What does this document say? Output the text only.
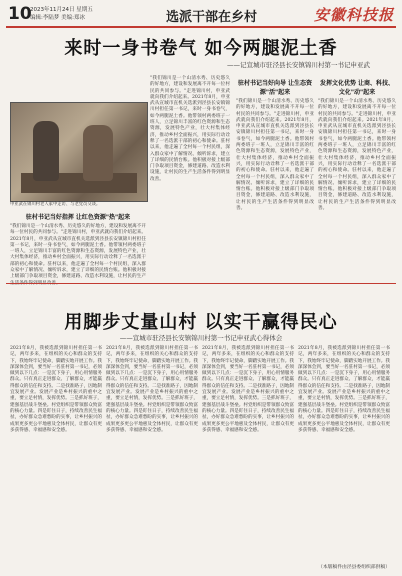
10
2023年11月24日 星期五
编辑:李陆梦 美编:郑冰	选派干部在乡村	安徽科技报
来时一身书卷气 如今两腿泥土香
——记宣城市驻泾县长安镇锦川村第一书记申亚武
"我们锦川是一个山清水秀、历史悠久的好地方，建设和发展离不开每一位村民的共同参与。"走进锦川村，申亚武就向我们介绍起来。2021年8月，申亚武从宣城市直机关选派到泾县长安镇锦川村担任第一书记，来时一身书卷气，如今两腿泥土香。他带领村两委班子一班人，立足锦川丰富的红色资源和生态资源，发展特色产业，壮大村集体经济，推动乡村全面振兴，用实际行动诠释了一名选派干部的初心和使命。驻村以来，他走遍了全村每一个村民组，深入群众家中了解情况、倾听诉求，建立了详细的民情台账。他积极对接上级部门争取项目资金，修建道路、改造水利设施，让村民的生产生活条件得到明显改善。
驻村书记当好向导 让生态资源"活"起来
"我们锦川是一个山清水秀、历史悠久的好地方，建设和发展离不开每一位村民的共同参与。"走进锦川村，申亚武就向我们介绍起来。2021年8月，申亚武从宣城市直机关选派到泾县长安镇锦川村担任第一书记，来时一身书卷气，如今两腿泥土香。他带领村两委班子一班人，立足锦川丰富的红色资源和生态资源，发展特色产业，壮大村集体经济，推动乡村全面振兴，用实际行动诠释了一名选派干部的初心和使命。驻村以来，他走遍了全村每一个村民组，深入群众家中了解情况、倾听诉求，建立了详细的民情台账。他积极对接上级部门争取项目资金，修建道路、改造水利设施，让村民的生产生活条件得到明显改善。
发挥文化优势 让商、科技、文化"动"起来
"我们锦川是一个山清水秀、历史悠久的好地方，建设和发展离不开每一位村民的共同参与。"走进锦川村，申亚武就向我们介绍起来。2021年8月，申亚武从宣城市直机关选派到泾县长安镇锦川村担任第一书记，来时一身书卷气，如今两腿泥土香。他带领村两委班子一班人，立足锦川丰富的红色资源和生态资源，发展特色产业，壮大村集体经济，推动乡村全面振兴，用实际行动诠释了一名选派干部的初心和使命。驻村以来，他走遍了全村每一个村民组，深入群众家中了解情况、倾听诉求，建立了详细的民情台账。他积极对接上级部门争取项目资金，修建道路、改造水利设施，让村民的生产生活条件得到明显改善。
申亚武在锦川村老人家中走访、与老党员交谈。
驻村书记当好指挥 让红色资源"热"起来
"我们锦川是一个山清水秀、历史悠久的好地方，建设和发展离不开每一位村民的共同参与。"走进锦川村，申亚武就向我们介绍起来。2021年8月，申亚武从宣城市直机关选派到泾县长安镇锦川村担任第一书记，来时一身书卷气，如今两腿泥土香。他带领村两委班子一班人，立足锦川丰富的红色资源和生态资源，发展特色产业，壮大村集体经济，推动乡村全面振兴，用实际行动诠释了一名选派干部的初心和使命。驻村以来，他走遍了全村每一个村民组，深入群众家中了解情况、倾听诉求，建立了详细的民情台账。他积极对接上级部门争取项目资金，修建道路、改造水利设施，让村民的生产
用脚步丈量山村 以实干赢得民心
——宣城市驻泾县长安镇锦川村第一书记申亚武心得体会
2021年8月，我被选派到锦川村担任第一书记，两年多来，在组织的关心和群众的支持下，我始终牢记使命，脚踏实地开展工作。我深深体会到，要当好一名驻村第一书记，必须做到以下几点：一是沉下身子，用心用情服务群众。只有真正走进群众、了解群众，才能赢得群众的信任和支持。二是找准路子，因地制宜发展产业。发展产业是乡村振兴的重中之重，要立足村情，发挥优势。三是抓好班子，建强基层战斗堡垒。村党组织是带领群众致富的核心力量。四是盯住日子，持续改善民生福祉，办好群众急难愁盼的实事，让乡村振兴的成果更多更公平地惠及全体村民，让群众有更多获得感、幸福感和安全感。
2021年8月，我被选派到锦川村担任第一书记，两年多来，在组织的关心和群众的支持下，我始终牢记使命，脚踏实地开展工作。我深深体会到，要当好一名驻村第一书记，必须做到以下几点：一是沉下身子，用心用情服务群众。只有真正走进群众、了解群众，才能赢得群众的信任和支持。二是找准路子，因地制宜发展产业。发展产业是乡村振兴的重中之重，要立足村情，发挥优势。三是抓好班子，建强基层战斗堡垒。村党组织是带领群众致富的核心力量。四是盯住日子，持续改善民生福祉，办好群众急难愁盼的实事，让乡村振兴的成果更多更公平地惠及全体村民，让群众有更多获得感、幸福感和安全感。
2021年8月，我被选派到锦川村担任第一书记，两年多来，在组织的关心和群众的支持下，我始终牢记使命，脚踏实地开展工作。我深深体会到，要当好一名驻村第一书记，必须做到以下几点：一是沉下身子，用心用情服务群众。只有真正走进群众、了解群众，才能赢得群众的信任和支持。二是找准路子，因地制宜发展产业。发展产业是乡村振兴的重中之重，要立足村情，发挥优势。三是抓好班子，建强基层战斗堡垒。村党组织是带领群众致富的核心力量。四是盯住日子，持续改善民生福祉，办好群众急难愁盼的实事，让乡村振兴的成果更多更公平地惠及全体村民，让群众有更多获得感、幸福感和安全感。
2021年8月，我被选派到锦川村担任第一书记，两年多来，在组织的关心和群众的支持下，我始终牢记使命，脚踏实地开展工作。我深深体会到，要当好一名驻村第一书记，必须做到以下几点：一是沉下身子，用心用情服务群众。只有真正走进群众、了解群众，才能赢得群众的信任和支持。二是找准路子，因地制宜发展产业。发展产业是乡村振兴的重中之重，要立足村情，发挥优势。三是抓好班子，建强基层战斗堡垒。村党组织是带领群众致富的核心力量。四是盯住日子，持续改善民生福祉，办好群众急难愁盼的实事，让乡村振兴的成果更多更公平地惠及全体村民，让群众有更多获得感、幸福感和安全感。
（本版稿件由泾县委组织部供稿）
